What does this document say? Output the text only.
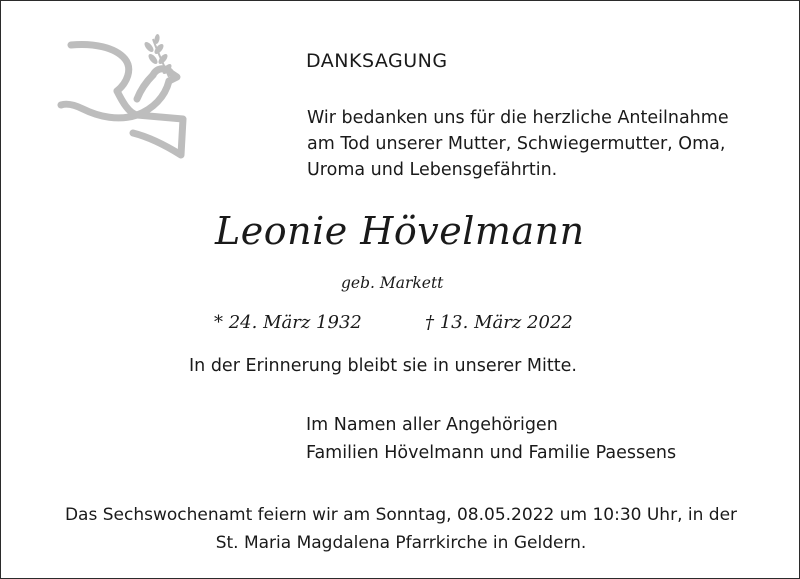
DANKSAGUNG
Wir bedanken uns für die herzliche Anteilnahme
am Tod unserer Mutter, Schwiegermutter, Oma,
Uroma und Lebensgefährtin.
Leonie Hövelmann
geb. Markett
* 24. März 1932	† 13. März 2022
In der Erinnerung bleibt sie in unserer Mitte.
Im Namen aller Angehörigen
Familien Hövelmann und Familie Paessens
Das Sechswochenamt feiern wir am Sonntag, 08.05.2022 um 10:30 Uhr, in der
St. Maria Magdalena Pfarrkirche in Geldern.
